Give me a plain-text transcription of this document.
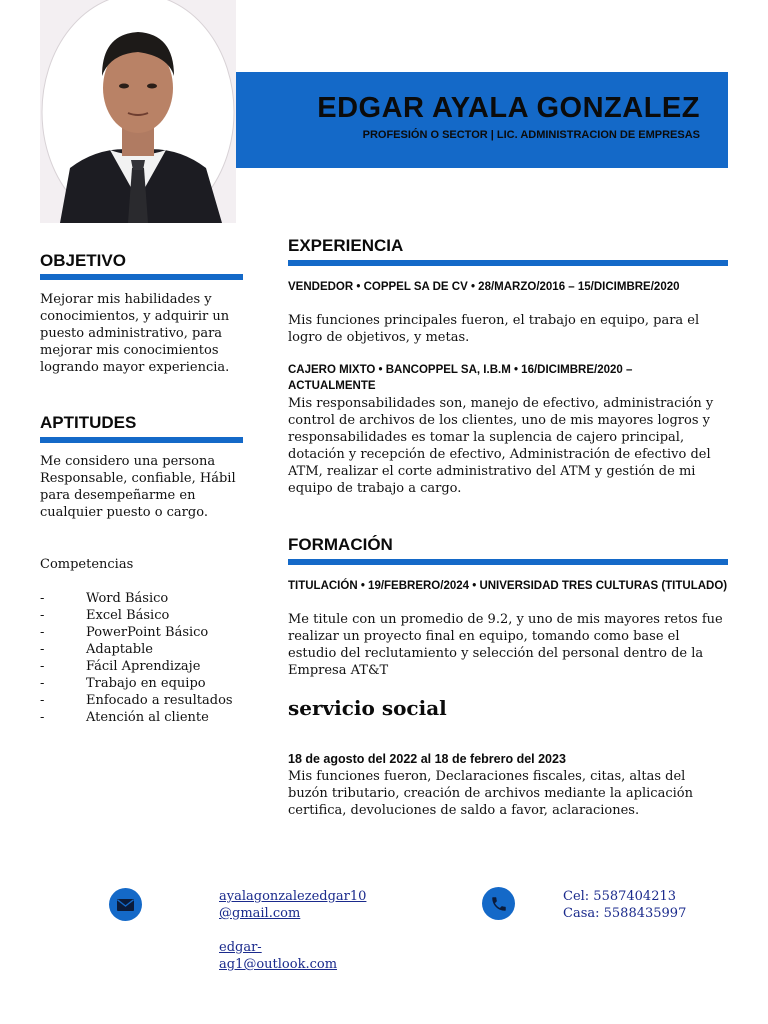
EDGAR AYALA GONZALEZ
PROFESIÓN O SECTOR | LIC. ADMINISTRACION DE EMPRESAS
OBJETIVO
Mejorar mis habilidades y conocimientos, y adquirir un puesto administrativo, para mejorar mis conocimientos logrando mayor experiencia.
APTITUDES
Me considero una persona Responsable, confiable, Hábil para desempeñarme en cualquier puesto o cargo.
Competencias
-	Word Básico
-	Excel Básico
-	PowerPoint Básico
-	Adaptable
-	Fácil Aprendizaje
-	Trabajo en equipo
-	Enfocado a resultados
-	Atención al cliente
EXPERIENCIA
VENDEDOR • COPPEL SA DE CV • 28/MARZO/2016 – 15/DICIMBRE/2020
Mis funciones principales fueron, el trabajo en equipo, para el logro de objetivos, y metas.
CAJERO MIXTO • BANCOPPEL SA, I.B.M • 16/DICIMBRE/2020 – ACTUALMENTE
Mis responsabilidades son, manejo de efectivo, administración y control de archivos de los clientes, uno de mis mayores logros y responsabilidades es tomar la suplencia de cajero principal, dotación y recepción de efectivo, Administración de efectivo del ATM, realizar el corte administrativo del ATM y gestión de mi equipo de trabajo a cargo.
FORMACIÓN
TITULACIÓN • 19/FEBRERO/2024 • UNIVERSIDAD TRES CULTURAS (TITULADO)
Me titule con un promedio de 9.2, y uno de mis mayores retos fue realizar un proyecto final en equipo, tomando como base el estudio del reclutamiento y selección del personal dentro de la Empresa AT&T
servicio social
18 de agosto del 2022 al 18 de febrero del 2023
Mis funciones fueron, Declaraciones fiscales, citas, altas del buzón tributario, creación de archivos mediante la aplicación certifica, devoluciones de saldo a favor, aclaraciones.
ayalagonzalezedgar10
@gmail.com
edgar-
ag1@outlook.com
Cel: 5587404213
Casa: 5588435997
